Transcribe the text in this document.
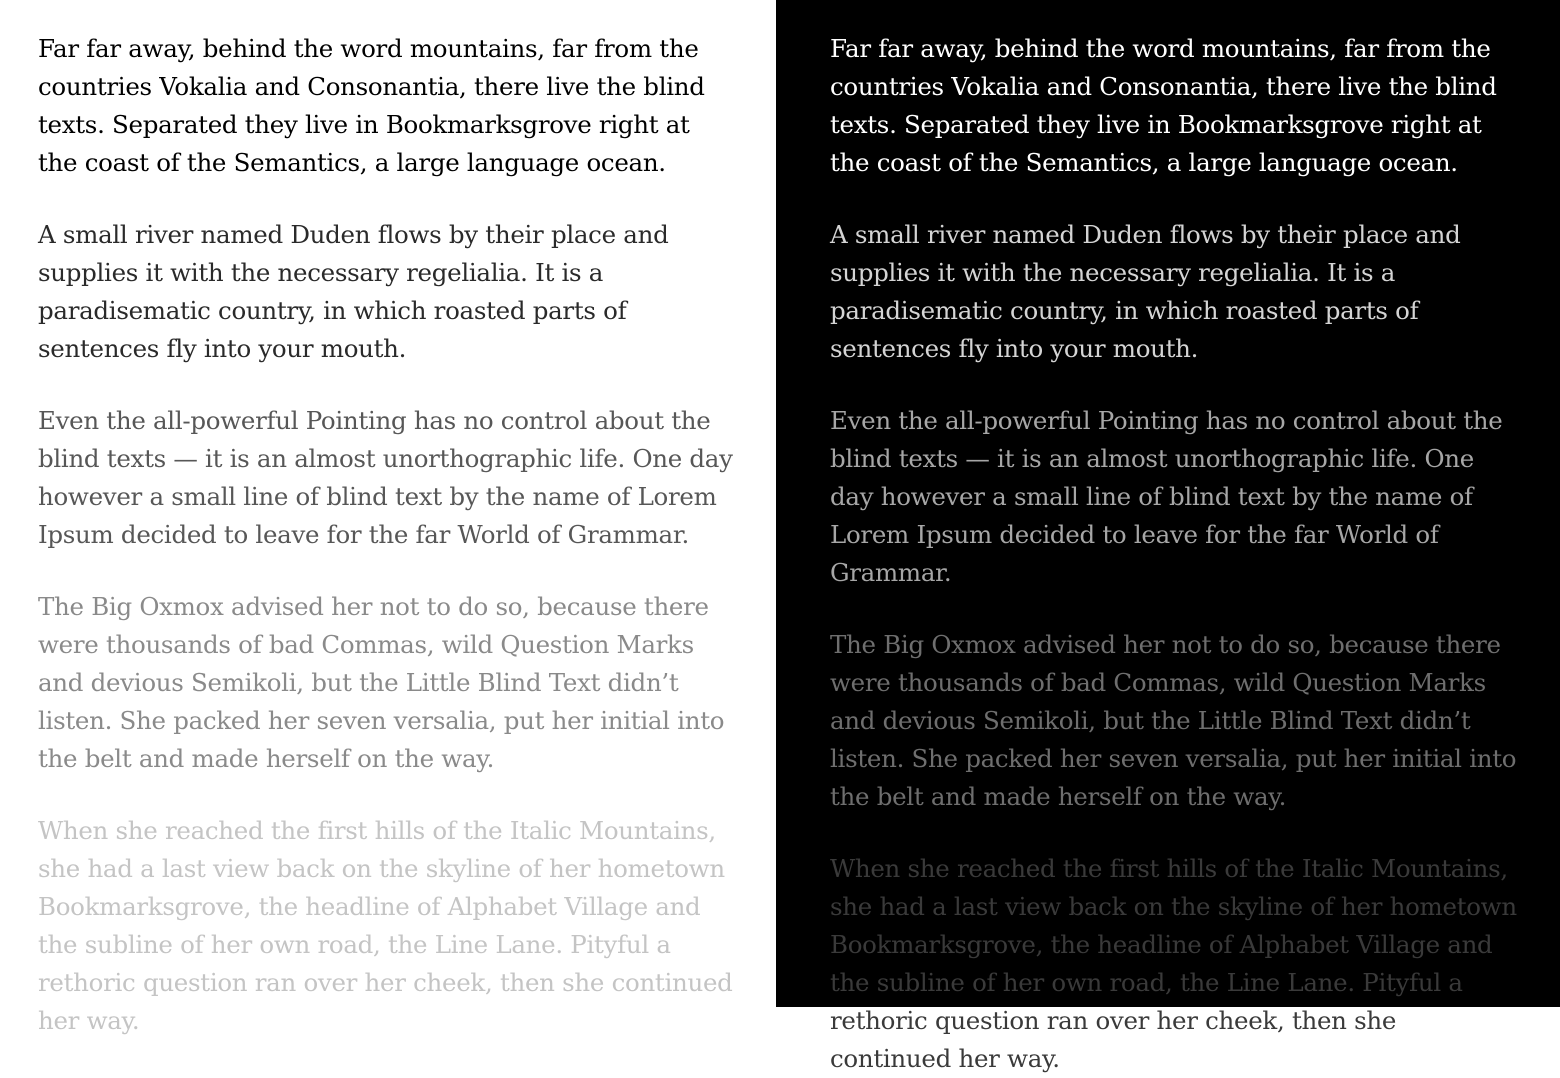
Far far away, behind the word mountains, far from the countries Vokalia and Consonantia, there live the blind texts. Separated they live in Bookmarksgrove right at the coast of the Semantics, a large language ocean.

A small river named Duden flows by their place and supplies it with the necessary regelialia. It is a paradisematic country, in which roasted parts of sentences fly into your mouth.

Even the all-powerful Pointing has no control about the blind texts — it is an almost unorthographic life. One day however a small line of blind text by the name of Lorem Ipsum decided to leave for the far World of Grammar.

The Big Oxmox advised her not to do so, because there were thousands of bad Commas, wild Question Marks and devious Semikoli, but the Little Blind Text didn’t listen. She packed her seven versalia, put her initial into the belt and made herself on the way.

When she reached the first hills of the Italic Mountains, she had a last view back on the skyline of her hometown Bookmarksgrove, the headline of Alphabet Village and the subline of her own road, the Line Lane. Pityful a rethoric question ran over her cheek, then she continued her way.

Far far away, behind the word mountains, far from the countries Vokalia and Consonantia, there live the blind texts. Separated they live in Bookmarksgrove right at the coast of the Semantics, a large language ocean.

A small river named Duden flows by their place and supplies it with the necessary regelialia. It is a paradisematic country, in which roasted parts of sentences fly into your mouth.

Even the all-powerful Pointing has no control about the blind texts — it is an almost unorthographic life. One day however a small line of blind text by the name of Lorem Ipsum decided to leave for the far World of Grammar.

The Big Oxmox advised her not to do so, because there were thousands of bad Commas, wild Question Marks and devious Semikoli, but the Little Blind Text didn’t listen. She packed her seven versalia, put her initial into the belt and made herself on the way.

When she reached the first hills of the Italic Mountains, she had a last view back on the skyline of her hometown Bookmarksgrove, the headline of Alphabet Village and the subline of her own road, the Line Lane. Pityful a rethoric question ran over her cheek, then she continued her way.
